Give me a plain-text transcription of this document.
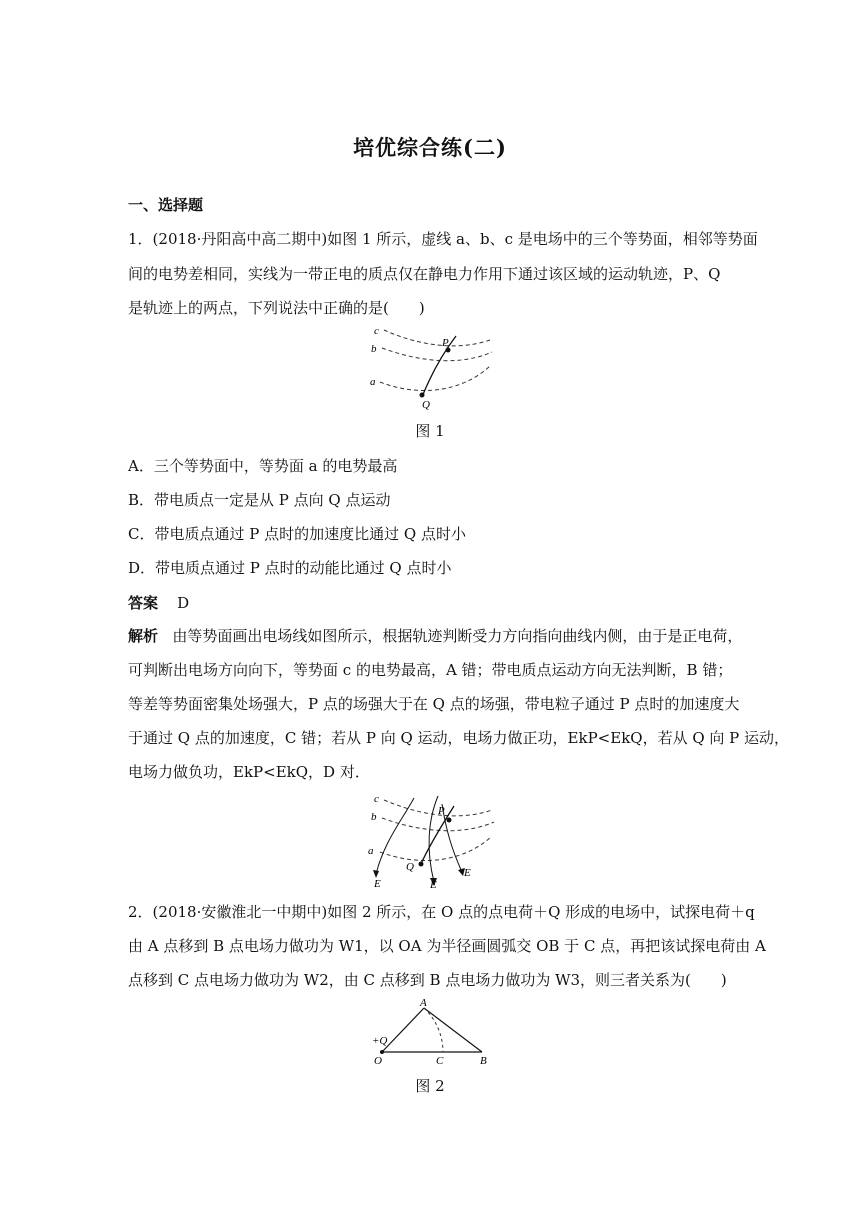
培优综合练(二)
一、选择题
1．(2018·丹阳高中高二期中)如图 1 所示，虚线 a、b、c 是电场中的三个等势面，相邻等势面
间的电势差相同，实线为一带正电的质点仅在静电力作用下通过该区域的运动轨迹，P、Q
是轨迹上的两点，下列说法中正确的是(　　)
c
b
a
P
Q
图 1
A．三个等势面中，等势面 a 的电势最高
B．带电质点一定是从 P 点向 Q 点运动
C．带电质点通过 P 点时的加速度比通过 Q 点时小
D．带电质点通过 P 点时的动能比通过 Q 点时小
答案 D
解析 由等势面画出电场线如图所示，根据轨迹判断受力方向指向曲线内侧，由于是正电荷，
可判断出电场方向向下，等势面 c 的电势最高，A 错；带电质点运动方向无法判断，B 错；
等差等势面密集处场强大，P 点的场强大于在 Q 点的场强，带电粒子通过 P 点时的加速度大
于通过 Q 点的加速度，C 错；若从 P 向 Q 运动，电场力做正功，EkP<EkQ，若从 Q 向 P 运动，
电场力做负功，EkP<EkQ，D 对．
c
b
a
P
Q
E	E
E
2．(2018·安徽淮北一中期中)如图 2 所示，在 O 点的点电荷＋Q 形成的电场中，试探电荷＋q
由 A 点移到 B 点电场力做功为 W1，以 OA 为半径画圆弧交 OB 于 C 点，再把该试探电荷由 A
点移到 C 点电场力做功为 W2，由 C 点移到 B 点电场力做功为 W3，则三者关系为(　　)
A
+Q
O	C	B
图 2
